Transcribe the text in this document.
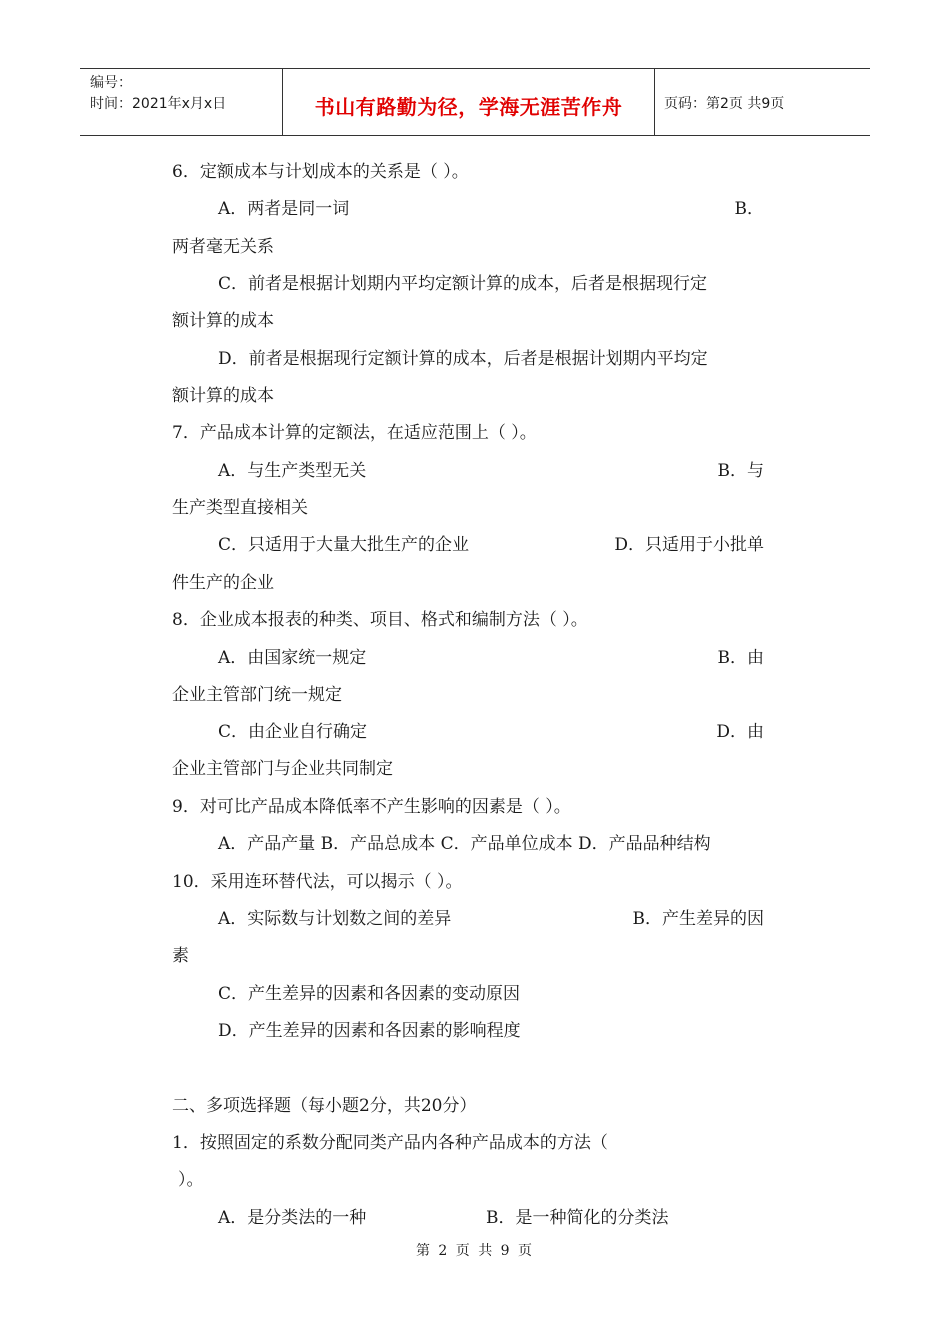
编号：
时间：2021年x月x日	书山有路勤为径，学海无涯苦作舟	页码：第2页 共9页
6．定额成本与计划成本的关系是（ ）。
A．两者是同一词	B．
两者毫无关系
C．前者是根据计划期内平均定额计算的成本，后者是根据现行定
额计算的成本
D．前者是根据现行定额计算的成本，后者是根据计划期内平均定
额计算的成本
7．产品成本计算的定额法，在适应范围上（ ）。
A．与生产类型无关	B．与
生产类型直接相关
C．只适用于大量大批生产的企业	D．只适用于小批单
件生产的企业
8．企业成本报表的种类、项目、格式和编制方法（ ）。
A．由国家统一规定	B．由
企业主管部门统一规定
C．由企业自行确定	D．由
企业主管部门与企业共同制定
9．对可比产品成本降低率不产生影响的因素是（ ）。
A．产品产量 B．产品总成本 C．产品单位成本 D．产品品种结构
10．采用连环替代法，可以揭示（ ）。
A．实际数与计划数之间的差异	B．产生差异的因
素
C．产生差异的因素和各因素的变动原因
D．产生差异的因素和各因素的影响程度
二、多项选择题（每小题2分，共20分）
1．按照固定的系数分配同类产品内各种产品成本的方法（
）。
A．是分类法的一种	B．是一种简化的分类法
第 2 页 共 9 页
